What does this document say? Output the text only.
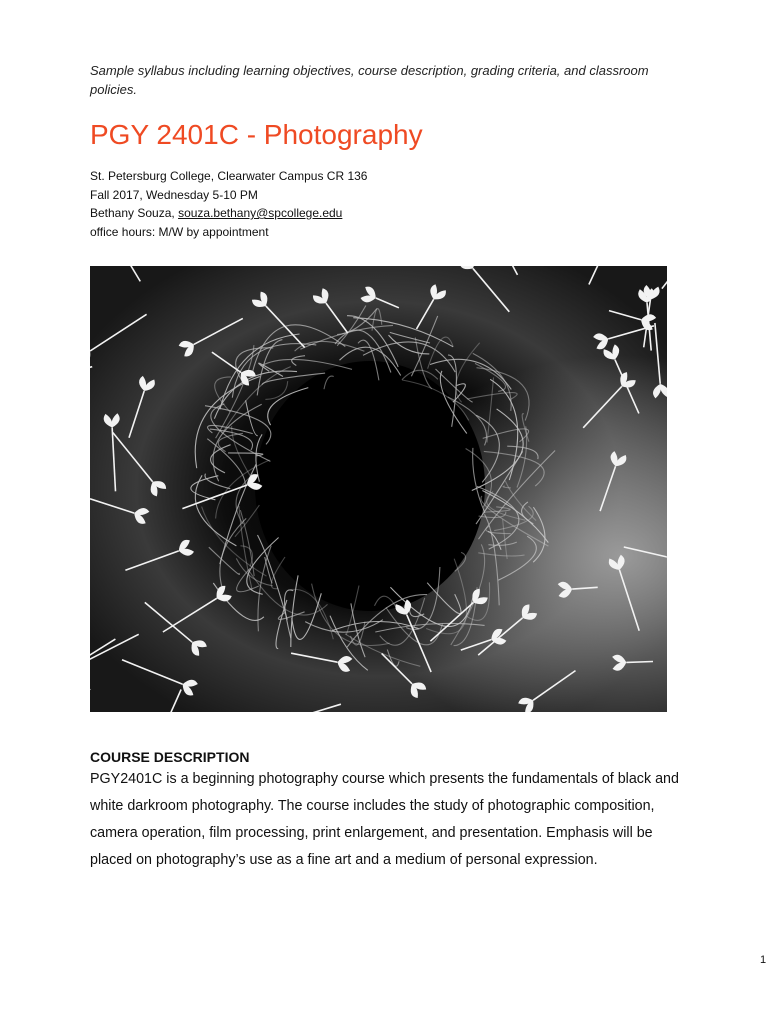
Sample syllabus including learning objectives, course description, grading criteria, and classroom policies.
PGY 2401C - Photography
St. Petersburg College, Clearwater Campus CR 136
Fall 2017, Wednesday 5-10 PM
Bethany Souza, souza.bethany@spcollege.edu
office hours: M/W by appointment
COURSE DESCRIPTION

PGY2401C is a beginning photography course which presents the fundamentals of black and white darkroom photography. The course includes the study of photographic composition, camera operation, film processing, print enlargement, and presentation. Emphasis will be placed on photography’s use as a fine art and a medium of personal expression.

1
